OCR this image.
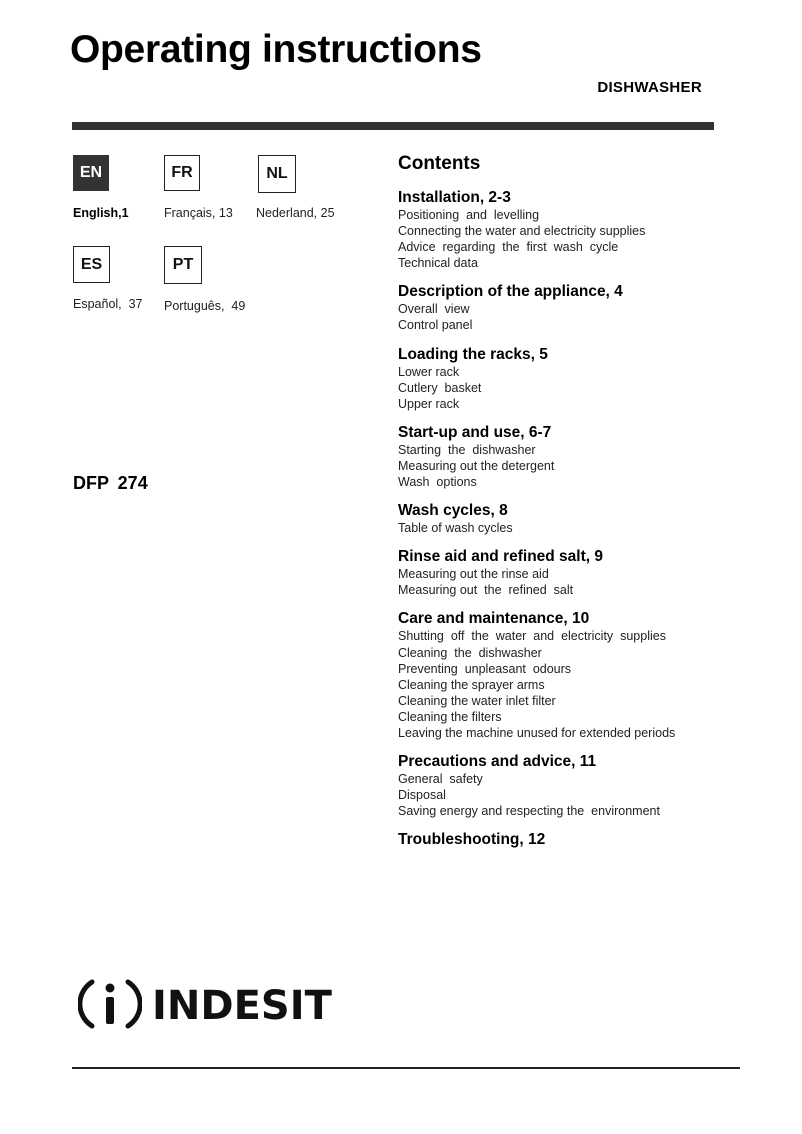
Operating instructions
DISHWASHER
EN
English,1
FR
Français, 13
NL
Nederland, 25
ES
Español,  37
PT
Português,  49
DFP 274
Contents
Installation, 2-3
Positioning  and  levelling
Connecting the water and electricity supplies
Advice  regarding  the  first  wash  cycle
Technical data
Description of the appliance, 4
Overall  view
Control panel
Loading the racks, 5
Lower rack
Cutlery  basket
Upper rack
Start-up and use, 6-7
Starting  the  dishwasher
Measuring out the detergent
Wash  options
Wash cycles, 8
Table of wash cycles
Rinse aid and refined salt, 9
Measuring out the rinse aid
Measuring out  the  refined  salt
Care and maintenance, 10
Shutting  off  the  water  and  electricity  supplies
Cleaning  the  dishwasher
Preventing  unpleasant  odours
Cleaning the sprayer arms
Cleaning the water inlet filter
Cleaning the filters
Leaving the machine unused for extended periods
Precautions and advice, 11
General  safety
Disposal
Saving energy and respecting the  environment
Troubleshooting, 12
INDESIT
